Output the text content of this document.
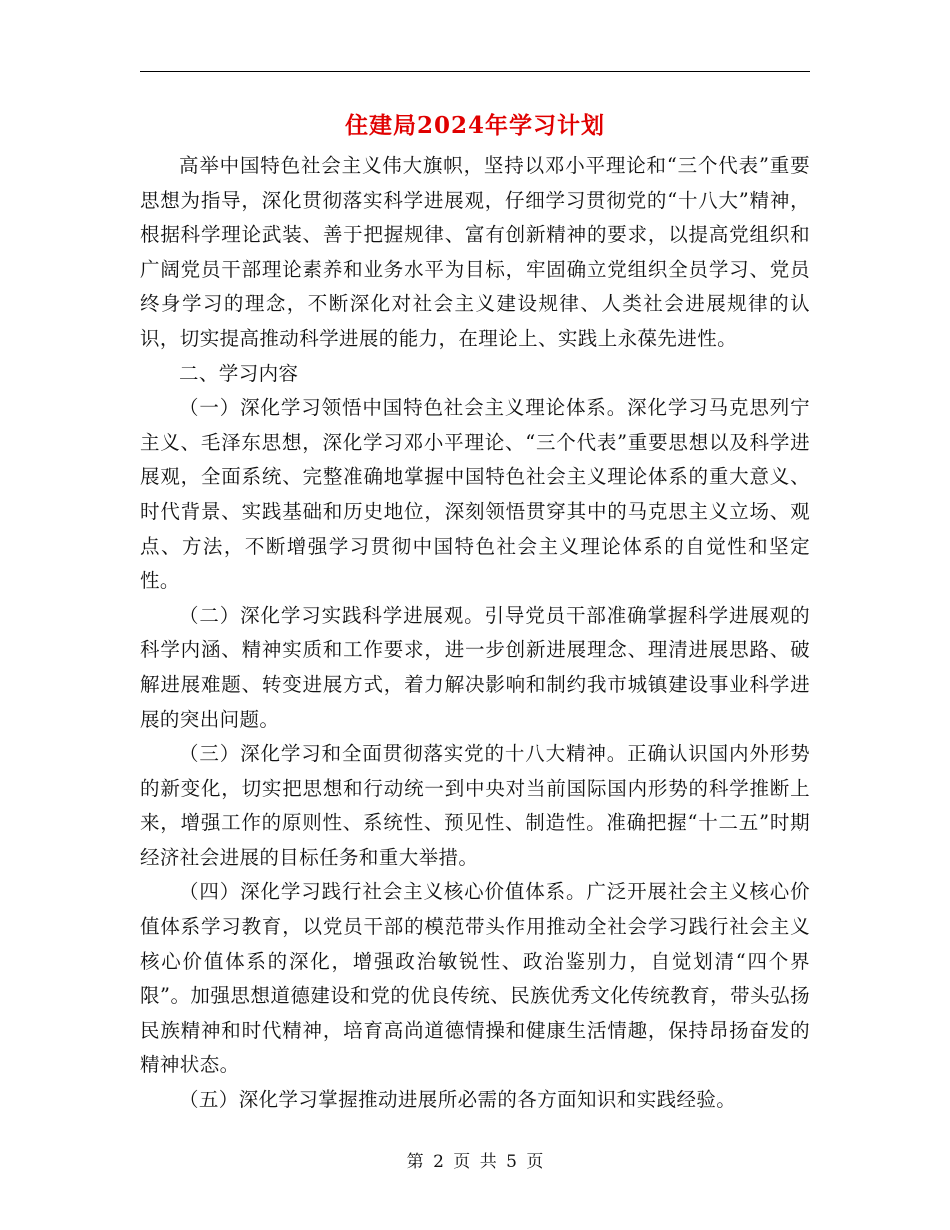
住建局2024年学习计划

高举中国特色社会主义伟大旗帜，坚持以邓小平理论和“三个代表”重要思想为指导，深化贯彻落实科学进展观，仔细学习贯彻党的“十八大”精神，根据科学理论武装、善于把握规律、富有创新精神的要求，以提高党组织和广阔党员干部理论素养和业务水平为目标，牢固确立党组织全员学习、党员终身学习的理念，不断深化对社会主义建设规律、人类社会进展规律的认识，切实提高推动科学进展的能力，在理论上、实践上永葆先进性。

二、学习内容

（一）深化学习领悟中国特色社会主义理论体系。深化学习马克思列宁主义、毛泽东思想，深化学习邓小平理论、“三个代表”重要思想以及科学进展观，全面系统、完整准确地掌握中国特色社会主义理论体系的重大意义、时代背景、实践基础和历史地位，深刻领悟贯穿其中的马克思主义立场、观点、方法，不断增强学习贯彻中国特色社会主义理论体系的自觉性和坚定性。

（二）深化学习实践科学进展观。引导党员干部准确掌握科学进展观的科学内涵、精神实质和工作要求，进一步创新进展理念、理清进展思路、破解进展难题、转变进展方式，着力解决影响和制约我市城镇建设事业科学进展的突出问题。

（三）深化学习和全面贯彻落实党的十八大精神。正确认识国内外形势的新变化，切实把思想和行动统一到中央对当前国际国内形势的科学推断上来，增强工作的原则性、系统性、预见性、制造性。准确把握“十二五”时期经济社会进展的目标任务和重大举措。

（四）深化学习践行社会主义核心价值体系。广泛开展社会主义核心价值体系学习教育，以党员干部的模范带头作用推动全社会学习践行社会主义核心价值体系的深化，增强政治敏锐性、政治鉴别力，自觉划清“四个界限”。加强思想道德建设和党的优良传统、民族优秀文化传统教育，带头弘扬民族精神和时代精神，培育高尚道德情操和健康生活情趣，保持昂扬奋发的精神状态。

（五）深化学习掌握推动进展所必需的各方面知识和实践经验。

第 2 页 共 5 页
